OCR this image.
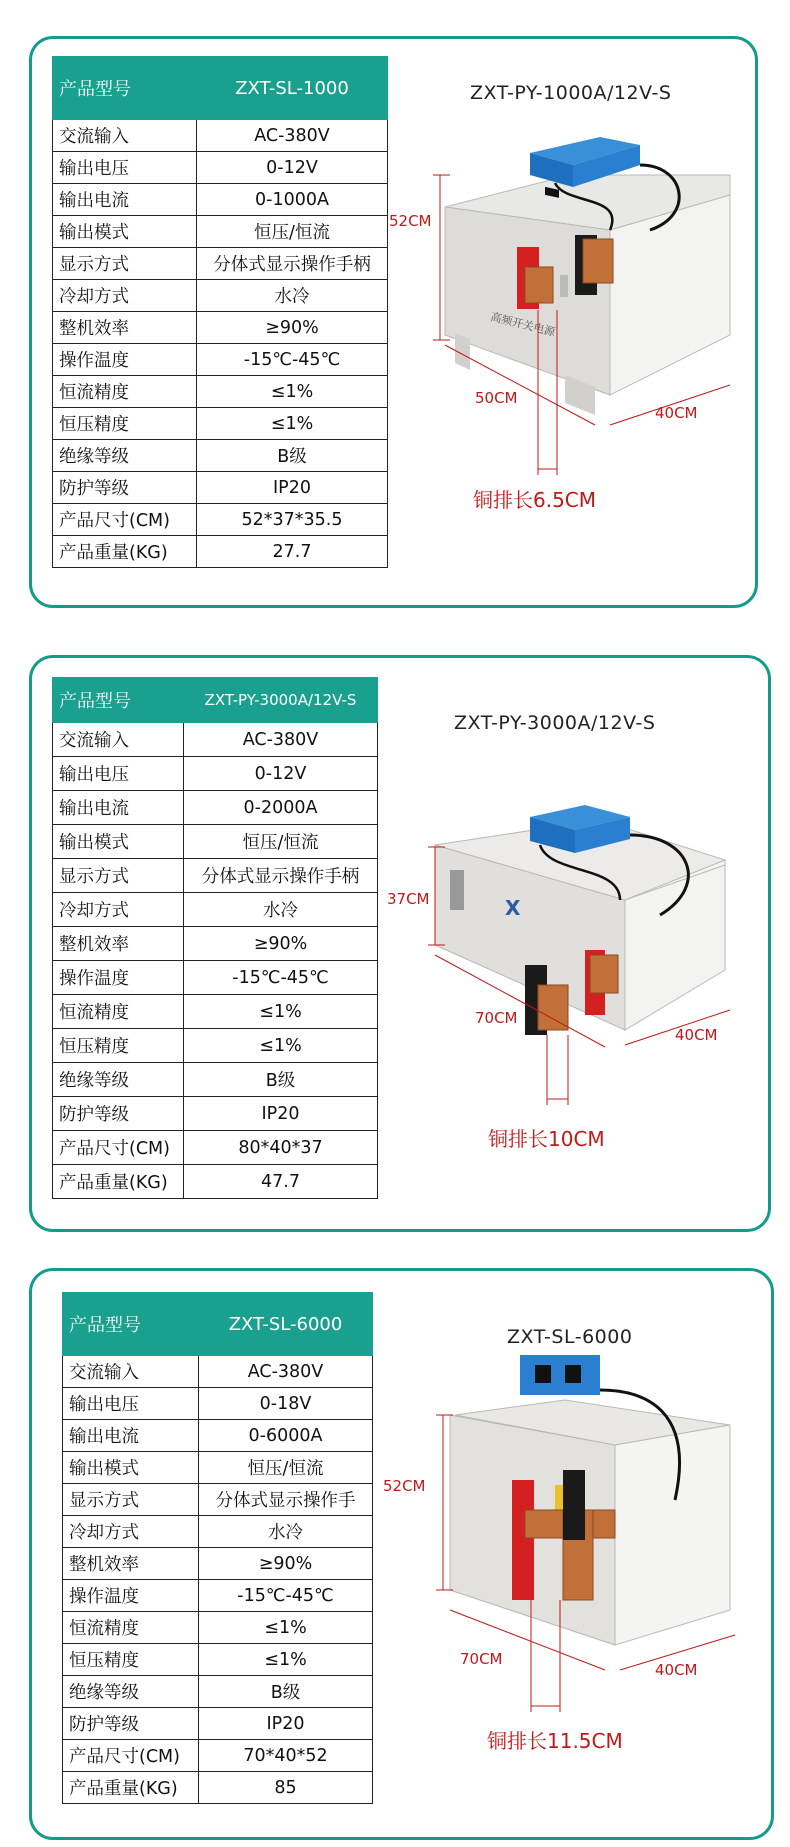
产品型号	ZXT-SL-1000
交流输入	AC-380V
输出电压	0-12V
输出电流	0-1000A
输出模式	恒压/恒流
显示方式	分体式显示操作手柄
冷却方式	水冷
整机效率	≥90%
操作温度	-15℃-45℃
恒流精度	≤1%
恒压精度	≤1%
绝缘等级	B级
防护等级	IP20
产品尺寸(CM)	52*37*35.5
产品重量(KG)	27.7
ZXT-PY-1000A/12V-S
高频开关电源
52CM
50CM
40CM
铜排长6.5CM
产品型号	ZXT-PY-3000A/12V-S
交流输入	AC-380V
输出电压	0-12V
输出电流	0-2000A
输出模式	恒压/恒流
显示方式	分体式显示操作手柄
冷却方式	水冷
整机效率	≥90%
操作温度	-15℃-45℃
恒流精度	≤1%
恒压精度	≤1%
绝缘等级	B级
防护等级	IP20
产品尺寸(CM)	80*40*37
产品重量(KG)	47.7
ZXT-PY-3000A/12V-S
X
37CM
70CM
40CM
铜排长10CM
产品型号	ZXT-SL-6000
交流输入	AC-380V
输出电压	0-18V
输出电流	0-6000A
输出模式	恒压/恒流
显示方式	分体式显示操作手
冷却方式	水冷
整机效率	≥90%
操作温度	-15℃-45℃
恒流精度	≤1%
恒压精度	≤1%
绝缘等级	B级
防护等级	IP20
产品尺寸(CM)	70*40*52
产品重量(KG)	85
ZXT-SL-6000
52CM
70CM
40CM
铜排长11.5CM
